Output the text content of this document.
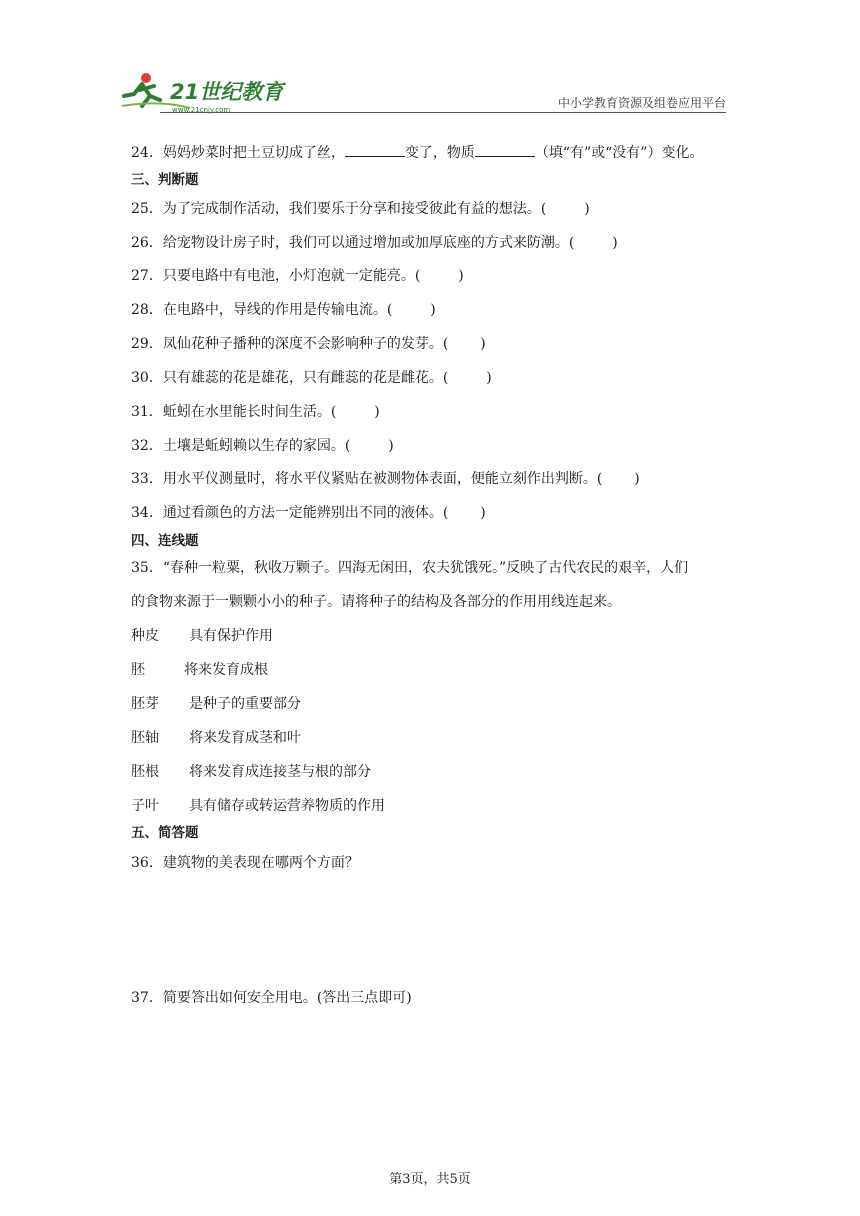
21世纪教育
www.21cnjy.com	中小学教育资源及组卷应用平台
24．妈妈炒菜时把土豆切成了丝，	变了，物质	（填“有”或“没有”）变化。
三、判断题
25．为了完成制作活动，我们要乐于分享和接受彼此有益的想法。(	)
26．给宠物设计房子时，我们可以通过增加或加厚底座的方式来防潮。(	)
27．只要电路中有电池，小灯泡就一定能亮。(	)
28．在电路中，导线的作用是传输电流。(	)
29．凤仙花种子播种的深度不会影响种子的发芽。( )
30．只有雄蕊的花是雄花，只有雌蕊的花是雌花。(	)
31．蚯蚓在水里能长时间生活。(	)
32．土壤是蚯蚓赖以生存的家园。(	)
33．用水平仪测量时，将水平仪紧贴在被测物体表面，便能立刻作出判断。( )
34．通过看颜色的方法一定能辨别出不同的液体。( )
四、连线题
35．“春种一粒粟，秋收万颗子。四海无闲田，农夫犹饿死。”反映了古代农民的艰辛，人们
的食物来源于一颗颗小小的种子。请将种子的结构及各部分的作用用线连起来。
种皮 具有保护作用
胚	将来发育成根
胚芽 是种子的重要部分
胚轴 将来发育成茎和叶
胚根 将来发育成连接茎与根的部分
子叶 具有储存或转运营养物质的作用
五、简答题
36．建筑物的美表现在哪两个方面？
37．简要答出如何安全用电。(答出三点即可)
第3页，共5页
